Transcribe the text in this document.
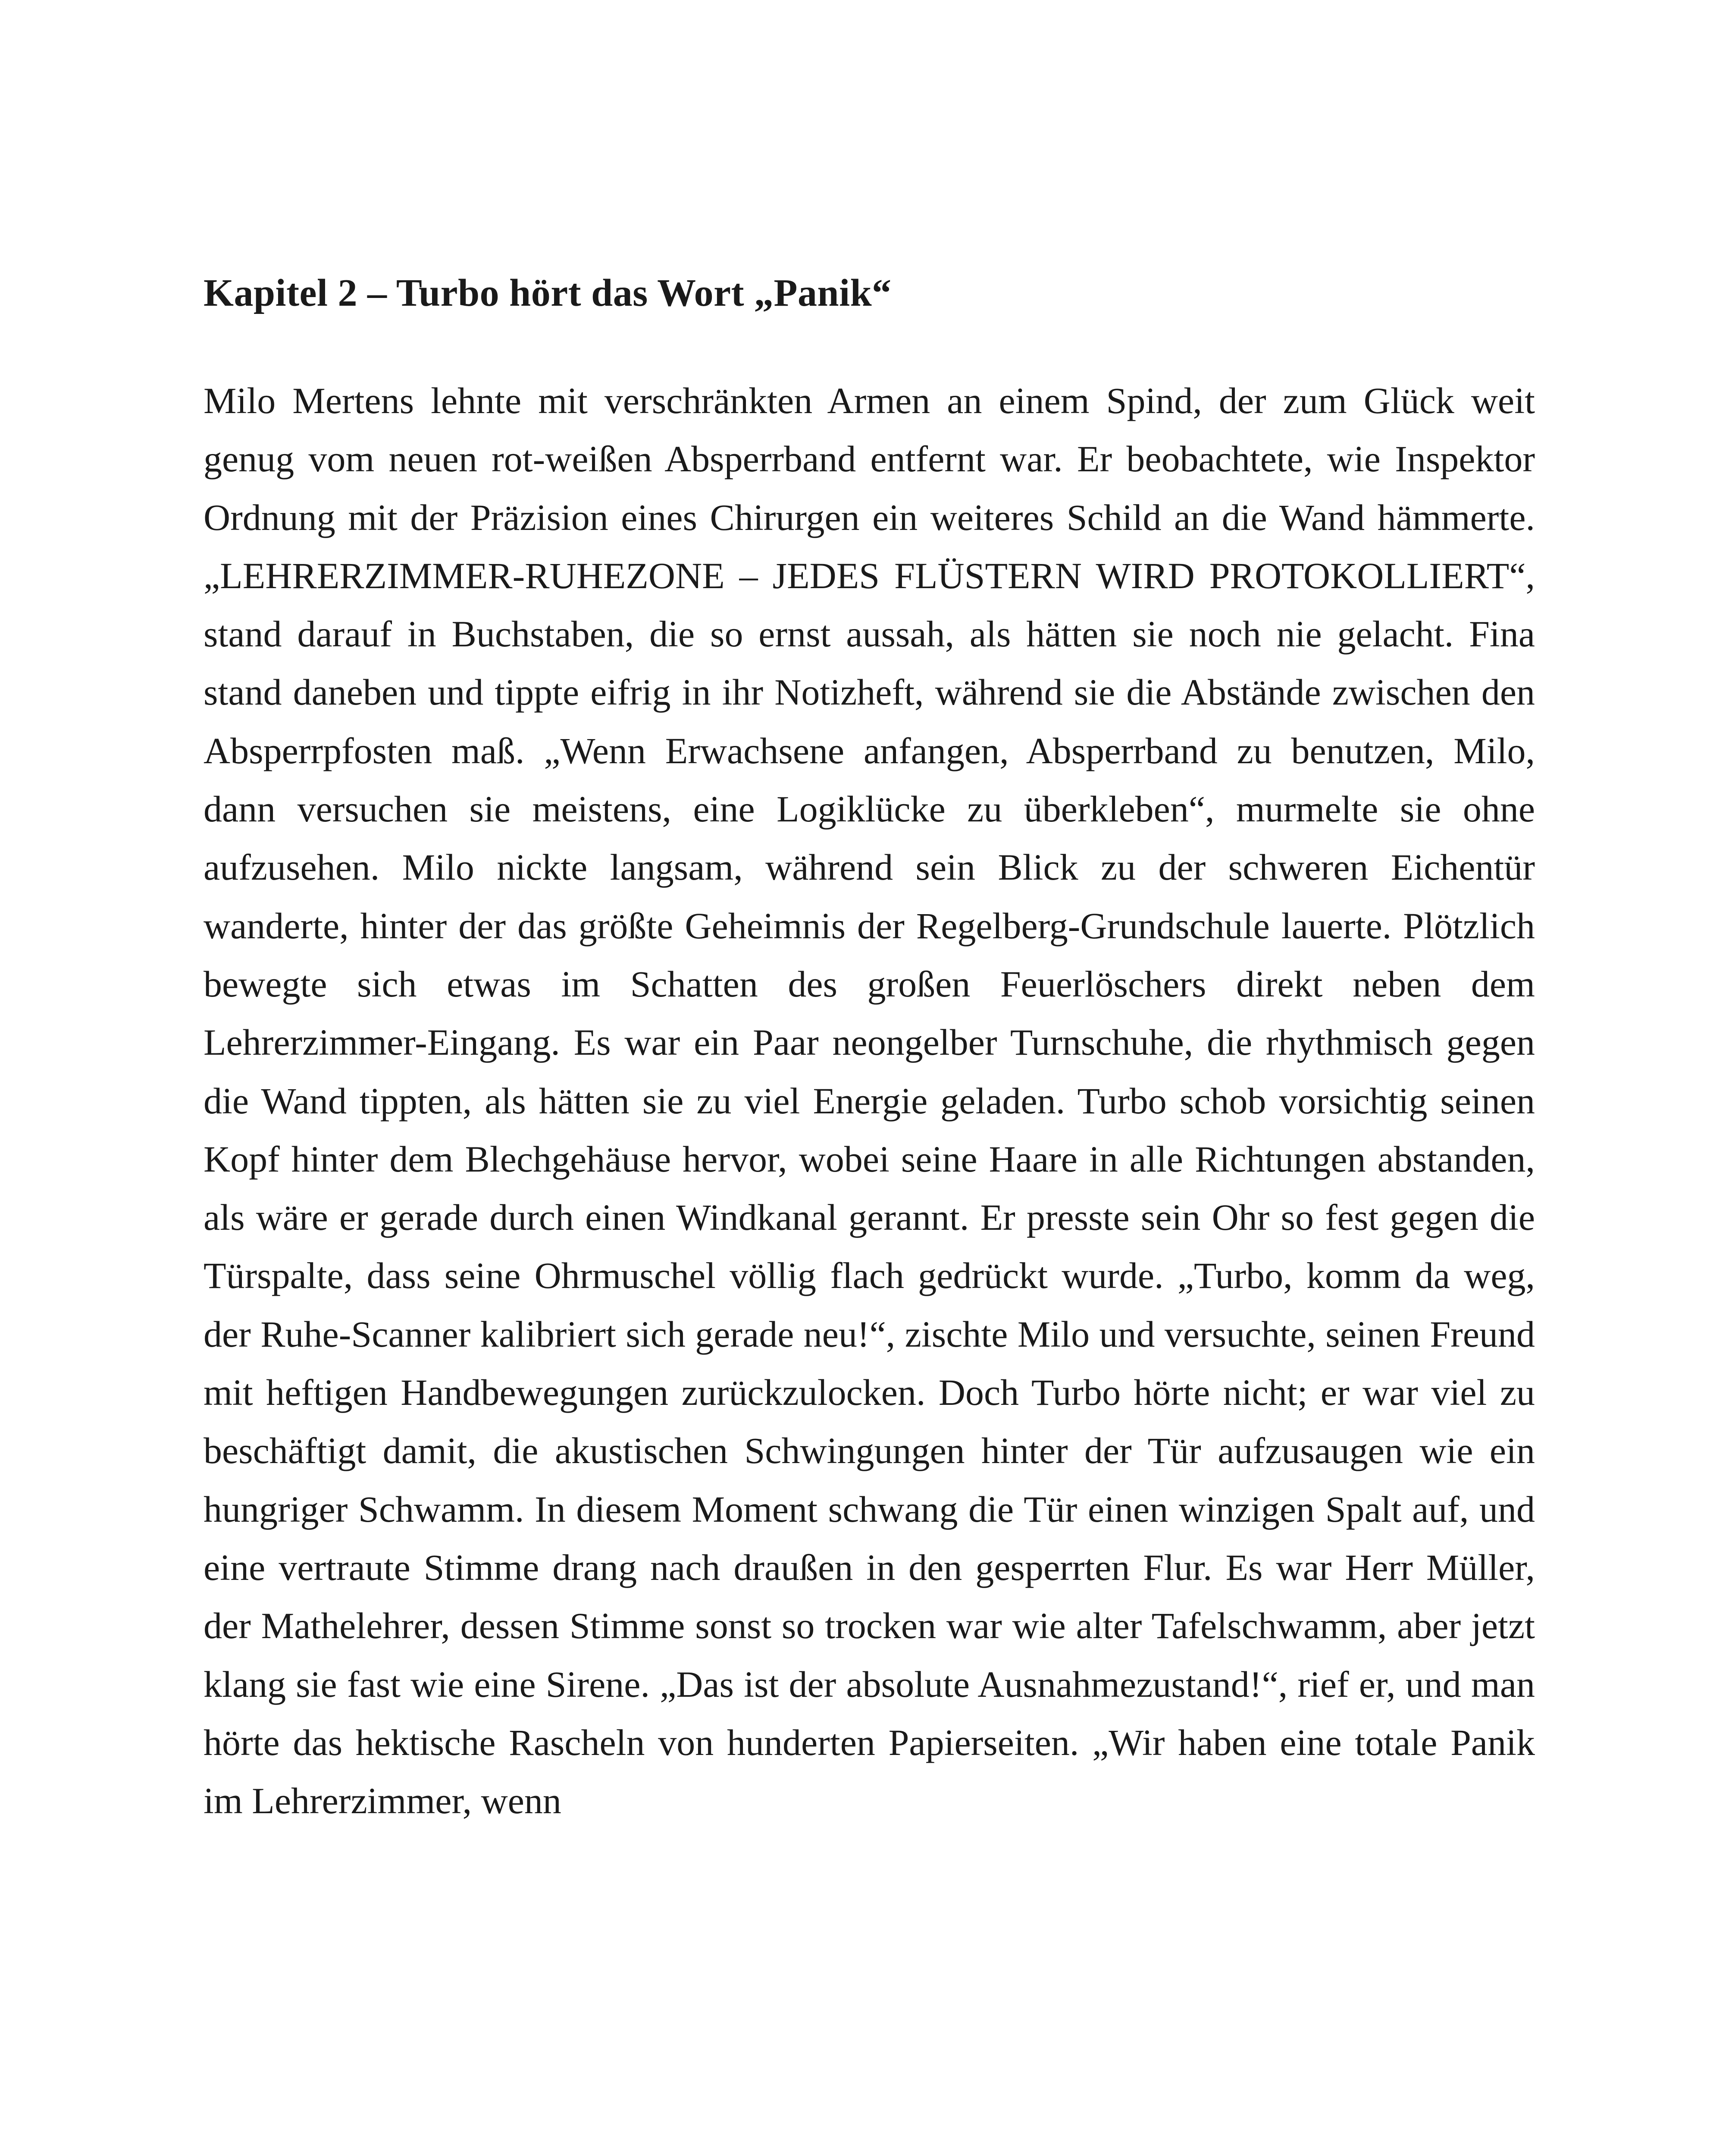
Kapitel 2 – Turbo hört das Wort „Panik“

Milo Mertens lehnte mit verschränkten Armen an einem Spind, der zum Glück weit genug vom neuen rot-weißen Absperrband entfernt war. Er beobachtete, wie Inspektor Ordnung mit der Präzision eines Chirurgen ein weiteres Schild an die Wand hämmerte. „LEHRERZIMMER-RUHEZONE – JEDES FLÜSTERN WIRD PROTOKOLLIERT“, stand darauf in Buchstaben, die so ernst aussah, als hätten sie noch nie gelacht. Fina stand daneben und tippte eifrig in ihr Notizheft, während sie die Abstände zwischen den Absperrpfosten maß. „Wenn Erwachsene anfangen, Absperrband zu benutzen, Milo, dann versuchen sie meistens, eine Logiklücke zu überkleben“, murmelte sie ohne aufzusehen. Milo nickte langsam, während sein Blick zu der schweren Eichentür wanderte, hinter der das größte Geheimnis der Regelberg-Grundschule lauerte. Plötzlich bewegte sich etwas im Schatten des großen Feuerlöschers direkt neben dem Lehrerzimmer-Eingang. Es war ein Paar neongelber Turnschuhe, die rhythmisch gegen die Wand tippten, als hätten sie zu viel Energie geladen. Turbo schob vorsichtig seinen Kopf hinter dem Blechgehäuse hervor, wobei seine Haare in alle Richtungen abstanden, als wäre er gerade durch einen Windkanal gerannt. Er presste sein Ohr so fest gegen die Türspalte, dass seine Ohrmuschel völlig flach gedrückt wurde. „Turbo, komm da weg, der Ruhe-Scanner kalibriert sich gerade neu!“, zischte Milo und versuchte, seinen Freund mit heftigen Handbewegungen zurückzulocken. Doch Turbo hörte nicht; er war viel zu beschäftigt damit, die akustischen Schwingungen hinter der Tür aufzusaugen wie ein hungriger Schwamm. In diesem Moment schwang die Tür einen winzigen Spalt auf, und eine vertraute Stimme drang nach draußen in den gesperrten Flur. Es war Herr Müller, der Mathelehrer, dessen Stimme sonst so trocken war wie alter Tafelschwamm, aber jetzt klang sie fast wie eine Sirene. „Das ist der absolute Ausnahmezustand!“, rief er, und man hörte das hektische Rascheln von hunderten Papierseiten. „Wir haben eine totale Panik im Lehrerzimmer, wenn
